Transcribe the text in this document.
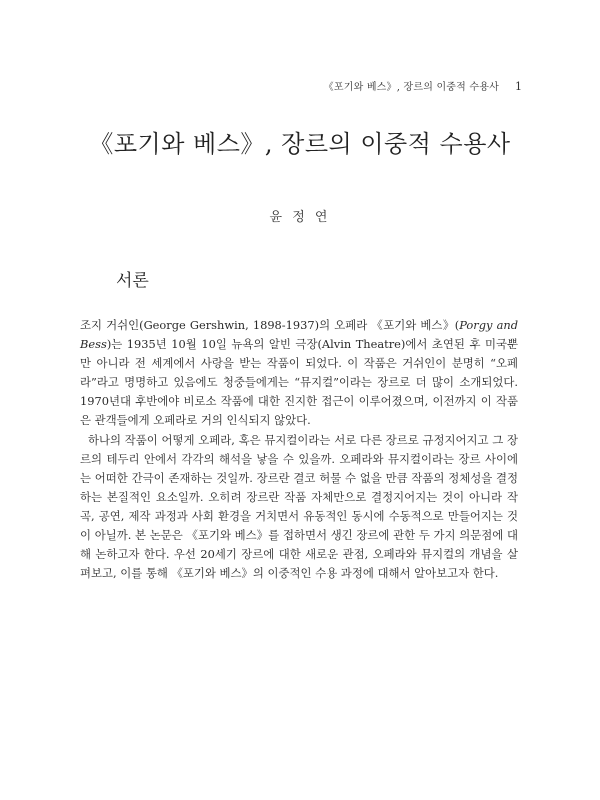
《포기와 베스》, 장르의 이중적 수용사 1
《포기와 베스》, 장르의 이중적 수용사
윤 정 연
서론

조지 거쉬인(George Gershwin, 1898-1937)의 오페라 《포기와 베스》(Porgy and Bess)는 1935년 10월 10일 뉴욕의 알빈 극장(Alvin Theatre)에서 초연된 후 미국뿐만 아니라 전 세계에서 사랑을 받는 작품이 되었다. 이 작품은 거쉬인이 분명히 “오페라”라고 명명하고 있음에도 청중들에게는 “뮤지컬”이라는 장르로 더 많이 소개되었다. 1970년대 후반에야 비로소 작품에 대한 진지한 접근이 이루어졌으며, 이전까지 이 작품은 관객들에게 오페라로 거의 인식되지 않았다.

하나의 작품이 어떻게 오페라, 혹은 뮤지컬이라는 서로 다른 장르로 규정지어지고 그 장르의 테두리 안에서 각각의 해석을 낳을 수 있을까. 오페라와 뮤지컬이라는 장르 사이에는 어떠한 간극이 존재하는 것일까. 장르란 결코 허물 수 없을 만큼 작품의 정체성을 결정하는 본질적인 요소일까. 오히려 장르란 작품 자체만으로 결정지어지는 것이 아니라 작곡, 공연, 제작 과정과 사회 환경을 거치면서 유동적인 동시에 수동적으로 만들어지는 것이 아닐까. 본 논문은 《포기와 베스》를 접하면서 생긴 장르에 관한 두 가지 의문점에 대해 논하고자 한다. 우선 20세기 장르에 대한 새로운 관점, 오페라와 뮤지컬의 개념을 살펴보고, 이를 통해 《포기와 베스》의 이중적인 수용 과정에 대해서 알아보고자 한다.
